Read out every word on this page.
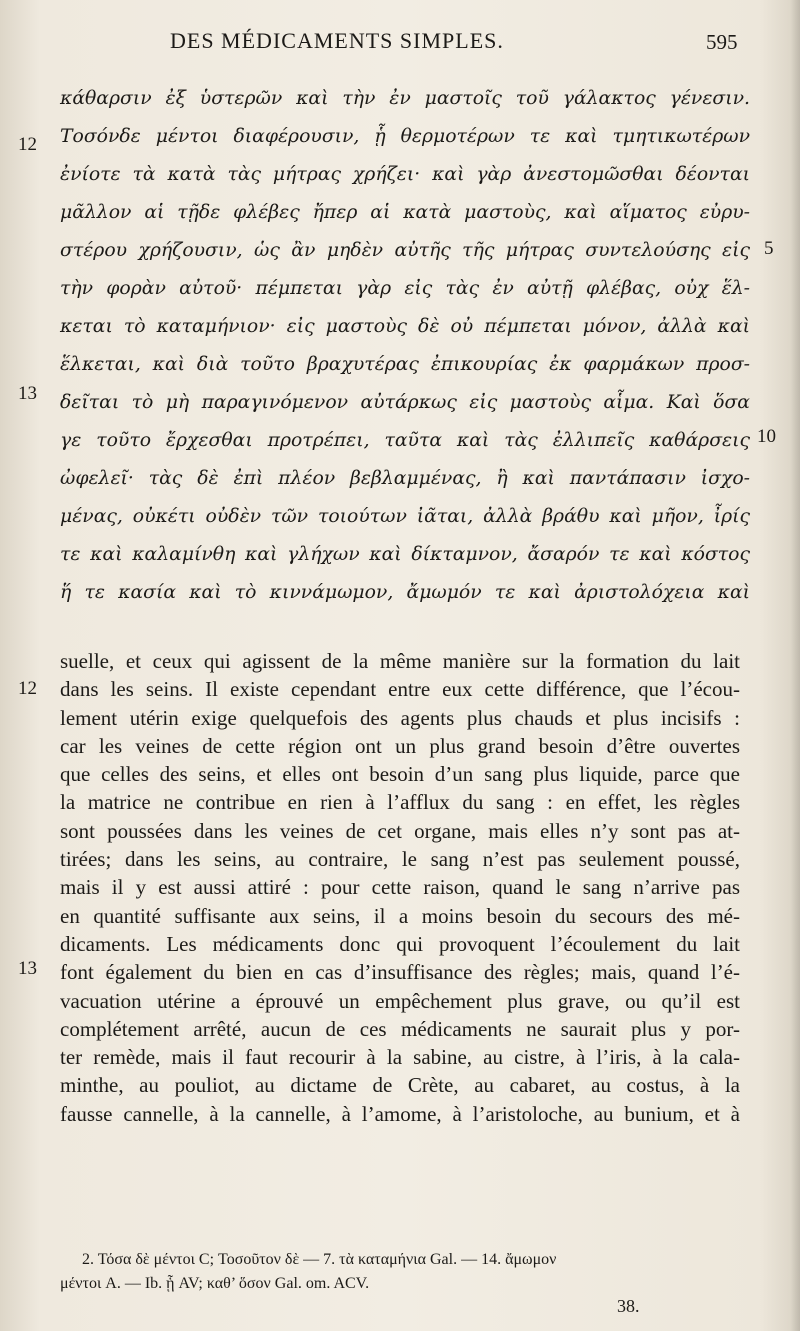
DES MÉDICAMENTS SIMPLES.	595
κάθαρσιν ἐξ ὑστερῶν καὶ τὴν ἐν μαστοῖς τοῦ γάλακτος γένεσιν.
Τοσόνδε μέντοι διαφέρουσιν, ᾗ θερμοτέρων τε καὶ τμητικωτέρων
ἐνίοτε τὰ κατὰ τὰς μήτρας χρήζει· καὶ γὰρ ἀνεστομῶσθαι δέονται
μᾶλλον αἱ τῇδε φλέβες ἤπερ αἱ κατὰ μαστοὺς, καὶ αἵματος εὐρυ-
στέρου χρήζουσιν, ὡς ἂν μηδὲν αὐτῆς τῆς μήτρας συντελούσης εἰς
τὴν φορὰν αὐτοῦ· πέμπεται γὰρ εἰς τὰς ἐν αὐτῇ φλέβας, οὐχ ἕλ-
κεται τὸ καταμήνιον· εἰς μαστοὺς δὲ οὐ πέμπεται μόνον, ἀλλὰ καὶ
ἕλκεται, καὶ διὰ τοῦτο βραχυτέρας ἐπικουρίας ἐκ φαρμάκων προσ-
δεῖται τὸ μὴ παραγινόμενον αὐτάρκως εἰς μαστοὺς αἷμα. Καὶ ὅσα
γε τοῦτο ἔρχεσθαι προτρέπει, ταῦτα καὶ τὰς ἐλλιπεῖς καθάρσεις
ὠφελεῖ· τὰς δὲ ἐπὶ πλέον βεβλαμμένας, ἢ καὶ παντάπασιν ἰσχο-
μένας, οὐκέτι οὐδὲν τῶν τοιούτων ἰᾶται, ἀλλὰ βράθυ καὶ μῆον, ἶρίς
τε καὶ καλαμίνθη καὶ γλήχων καὶ δίκταμνον, ἄσαρόν τε καὶ κόστος
ἥ τε κασία καὶ τὸ κιννάμωμον, ἄμωμόν τε καὶ ἀριστολόχεια καὶ
12
5
13
10
suelle, et ceux qui agissent de la même manière sur la formation du lait
dans les seins. Il existe cependant entre eux cette différence, que l’écou-
lement utérin exige quelquefois des agents plus chauds et plus incisifs :
car les veines de cette région ont un plus grand besoin d’être ouvertes
que celles des seins, et elles ont besoin d’un sang plus liquide, parce que
la matrice ne contribue en rien à l’afflux du sang : en effet, les règles
sont poussées dans les veines de cet organe, mais elles n’y sont pas at-
tirées; dans les seins, au contraire, le sang n’est pas seulement poussé,
mais il y est aussi attiré : pour cette raison, quand le sang n’arrive pas
en quantité suffisante aux seins, il a moins besoin du secours des mé-
dicaments. Les médicaments donc qui provoquent l’écoulement du lait
font également du bien en cas d’insuffisance des règles; mais, quand l’é-
vacuation utérine a éprouvé un empêchement plus grave, ou qu’il est
complétement arrêté, aucun de ces médicaments ne saurait plus y por-
ter remède, mais il faut recourir à la sabine, au cistre, à l’iris, à la cala-
minthe, au pouliot, au dictame de Crète, au cabaret, au costus, à la
fausse cannelle, à la cannelle, à l’amome, à l’aristoloche, au bunium, et à
12
13
2. Τόσα δὲ μέντοι C; Τοσοῦτον δὲ — 7. τὰ καταμήνια Gal. — 14. ἄμωμον
μέντοι A. — Ib. ᾗ AV; καθ’ ὅσον Gal. om. ACV.
38.
